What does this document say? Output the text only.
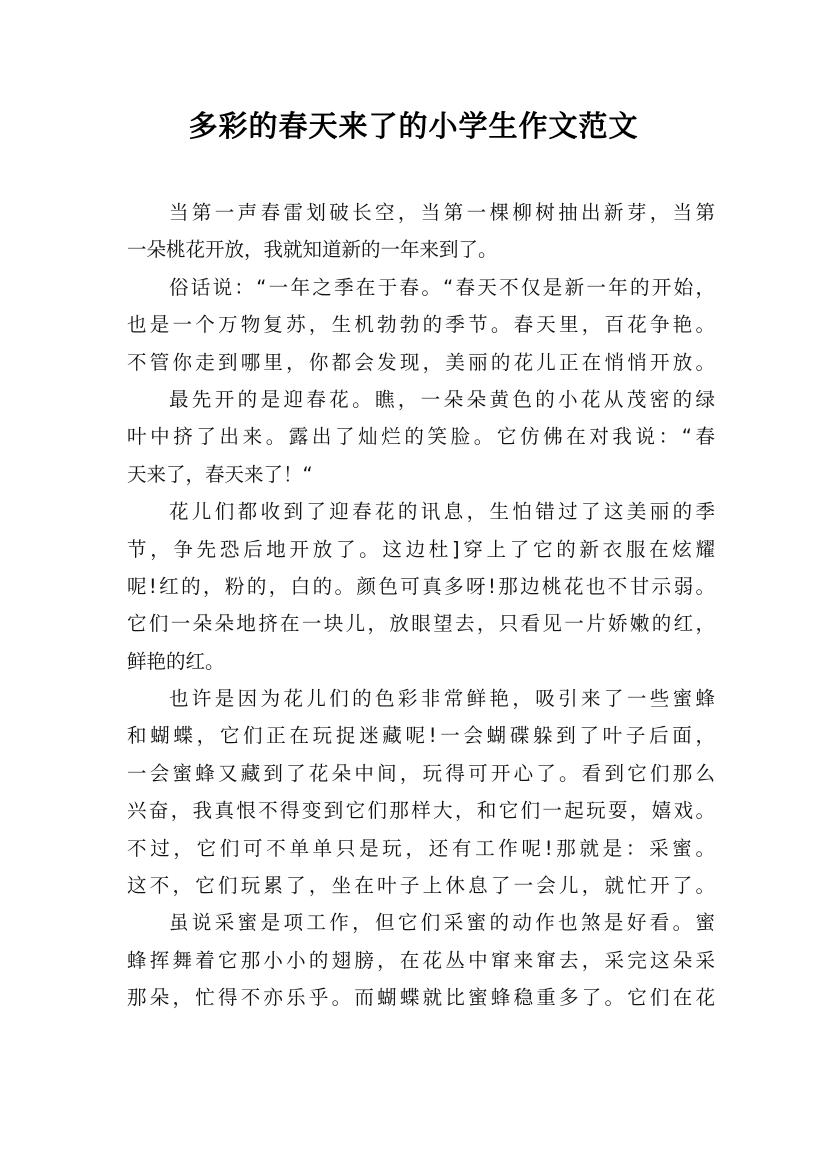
多彩的春天来了的小学生作文范文
当第一声春雷划破长空，当第一棵柳树抽出新芽，当第
一朵桃花开放，我就知道新的一年来到了。
俗话说：“一年之季在于春。“春天不仅是新一年的开始，
也是一个万物复苏，生机勃勃的季节。春天里，百花争艳。
不管你走到哪里，你都会发现，美丽的花儿正在悄悄开放。
最先开的是迎春花。瞧，一朵朵黄色的小花从茂密的绿
叶中挤了出来。露出了灿烂的笑脸。它仿佛在对我说：“春
天来了，春天来了！“
花儿们都收到了迎春花的讯息，生怕错过了这美丽的季
节，争先恐后地开放了。这边杜]穿上了它的新衣服在炫耀
呢!红的，粉的，白的。颜色可真多呀!那边桃花也不甘示弱。
它们一朵朵地挤在一块儿，放眼望去，只看见一片娇嫩的红，
鲜艳的红。
也许是因为花儿们的色彩非常鲜艳，吸引来了一些蜜蜂
和蝴蝶，它们正在玩捉迷藏呢!一会蝴碟躲到了叶子后面，
一会蜜蜂又藏到了花朵中间，玩得可开心了。看到它们那么
兴奋，我真恨不得变到它们那样大，和它们一起玩耍，嬉戏。
不过，它们可不单单只是玩，还有工作呢!那就是：采蜜。
这不，它们玩累了，坐在叶子上休息了一会儿，就忙开了。
虽说采蜜是项工作，但它们采蜜的动作也煞是好看。蜜
蜂挥舞着它那小小的翅膀，在花丛中窜来窜去，采完这朵采
那朵，忙得不亦乐乎。而蝴蝶就比蜜蜂稳重多了。它们在花
